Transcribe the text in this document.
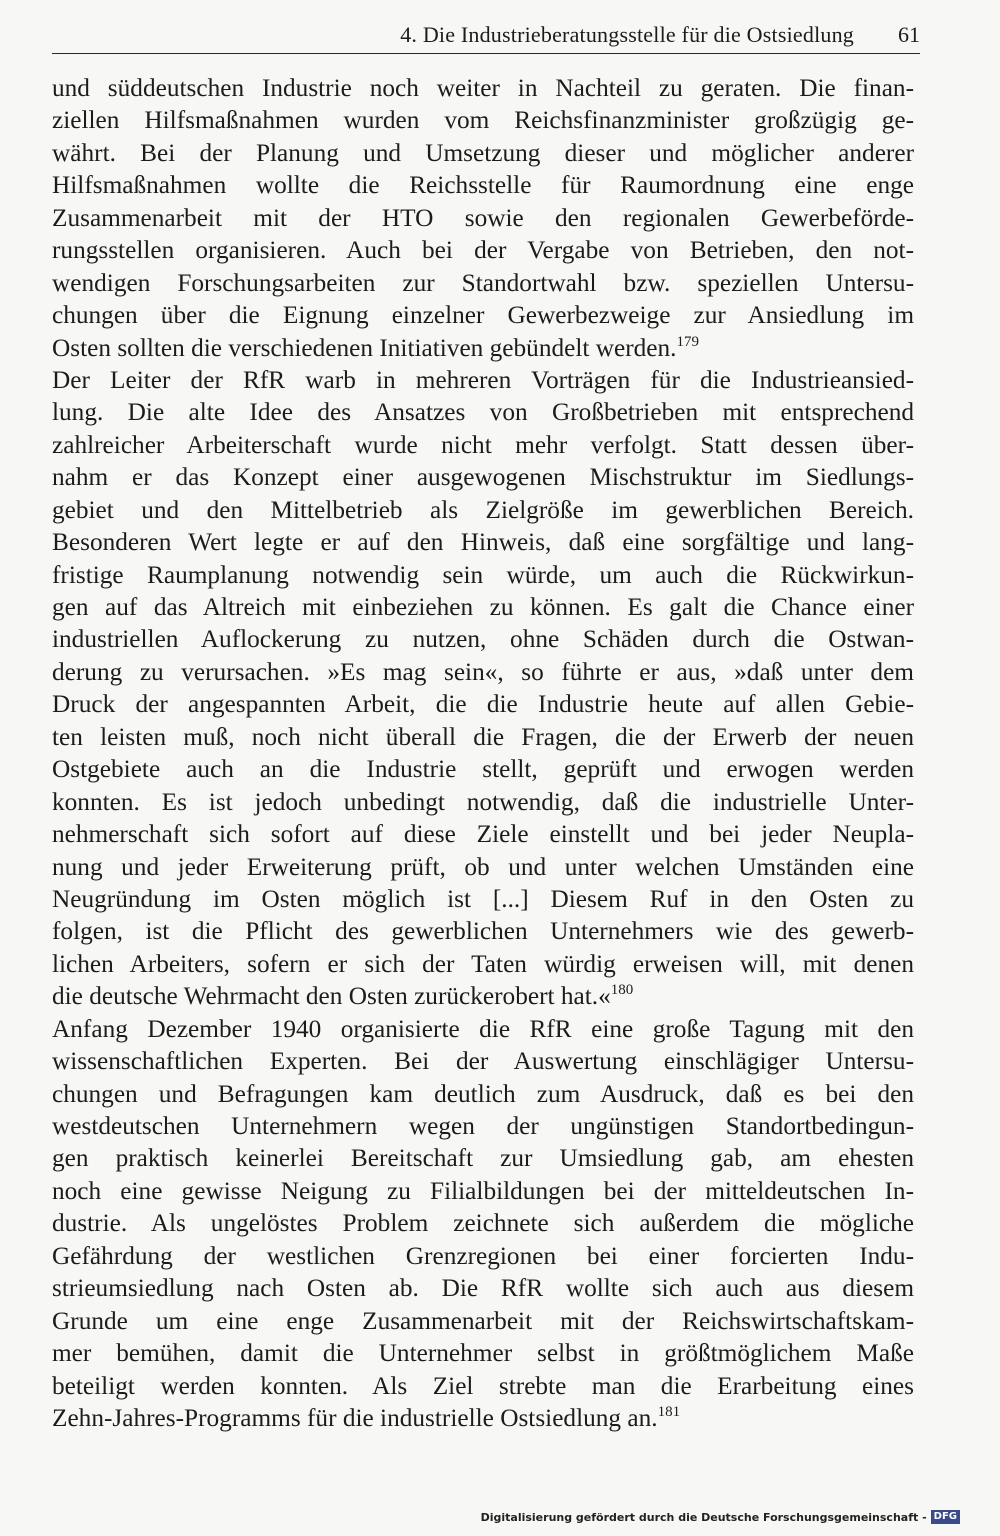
4. Die Industrieberatungsstelle für die Ostsiedlung 61
und süddeutschen Industrie noch weiter in Nachteil zu geraten. Die finan-
ziellen Hilfsmaßnahmen wurden vom Reichsfinanzminister großzügig ge-
währt. Bei der Planung und Umsetzung dieser und möglicher anderer
Hilfsmaßnahmen wollte die Reichsstelle für Raumordnung eine enge
Zusammenarbeit mit der HTO sowie den regionalen Gewerbeförde-
rungsstellen organisieren. Auch bei der Vergabe von Betrieben, den not-
wendigen Forschungsarbeiten zur Standortwahl bzw. speziellen Untersu-
chungen über die Eignung einzelner Gewerbezweige zur Ansiedlung im
Osten sollten die verschiedenen Initiativen gebündelt werden.$^{179}$
Der Leiter der RfR warb in mehreren Vorträgen für die Industrieansied-
lung. Die alte Idee des Ansatzes von Großbetrieben mit entsprechend
zahlreicher Arbeiterschaft wurde nicht mehr verfolgt. Statt dessen über-
nahm er das Konzept einer ausgewogenen Mischstruktur im Siedlungs-
gebiet und den Mittelbetrieb als Zielgröße im gewerblichen Bereich.
Besonderen Wert legte er auf den Hinweis, daß eine sorgfältige und lang-
fristige Raumplanung notwendig sein würde, um auch die Rückwirkun-
gen auf das Altreich mit einbeziehen zu können. Es galt die Chance einer
industriellen Auflockerung zu nutzen, ohne Schäden durch die Ostwan-
derung zu verursachen. »Es mag sein«, so führte er aus, »daß unter dem
Druck der angespannten Arbeit, die die Industrie heute auf allen Gebie-
ten leisten muß, noch nicht überall die Fragen, die der Erwerb der neuen
Ostgebiete auch an die Industrie stellt, geprüft und erwogen werden
konnten. Es ist jedoch unbedingt notwendig, daß die industrielle Unter-
nehmerschaft sich sofort auf diese Ziele einstellt und bei jeder Neupla-
nung und jeder Erweiterung prüft, ob und unter welchen Umständen eine
Neugründung im Osten möglich ist [...] Diesem Ruf in den Osten zu
folgen, ist die Pflicht des gewerblichen Unternehmers wie des gewerb-
lichen Arbeiters, sofern er sich der Taten würdig erweisen will, mit denen
die deutsche Wehrmacht den Osten zurückerobert hat.«$^{180}$
Anfang Dezember 1940 organisierte die RfR eine große Tagung mit den
wissenschaftlichen Experten. Bei der Auswertung einschlägiger Untersu-
chungen und Befragungen kam deutlich zum Ausdruck, daß es bei den
westdeutschen Unternehmern wegen der ungünstigen Standortbedingun-
gen praktisch keinerlei Bereitschaft zur Umsiedlung gab, am ehesten
noch eine gewisse Neigung zu Filialbildungen bei der mitteldeutschen In-
dustrie. Als ungelöstes Problem zeichnete sich außerdem die mögliche
Gefährdung der westlichen Grenzregionen bei einer forcierten Indu-
strieumsiedlung nach Osten ab. Die RfR wollte sich auch aus diesem
Grunde um eine enge Zusammenarbeit mit der Reichswirtschaftskam-
mer bemühen, damit die Unternehmer selbst in größtmöglichem Maße
beteiligt werden konnten. Als Ziel strebte man die Erarbeitung eines
Zehn-Jahres-Programms für die industrielle Ostsiedlung an.$^{181}$
Digitalisierung gefördert durch die Deutsche Forschungsgemeinschaft - DFG
